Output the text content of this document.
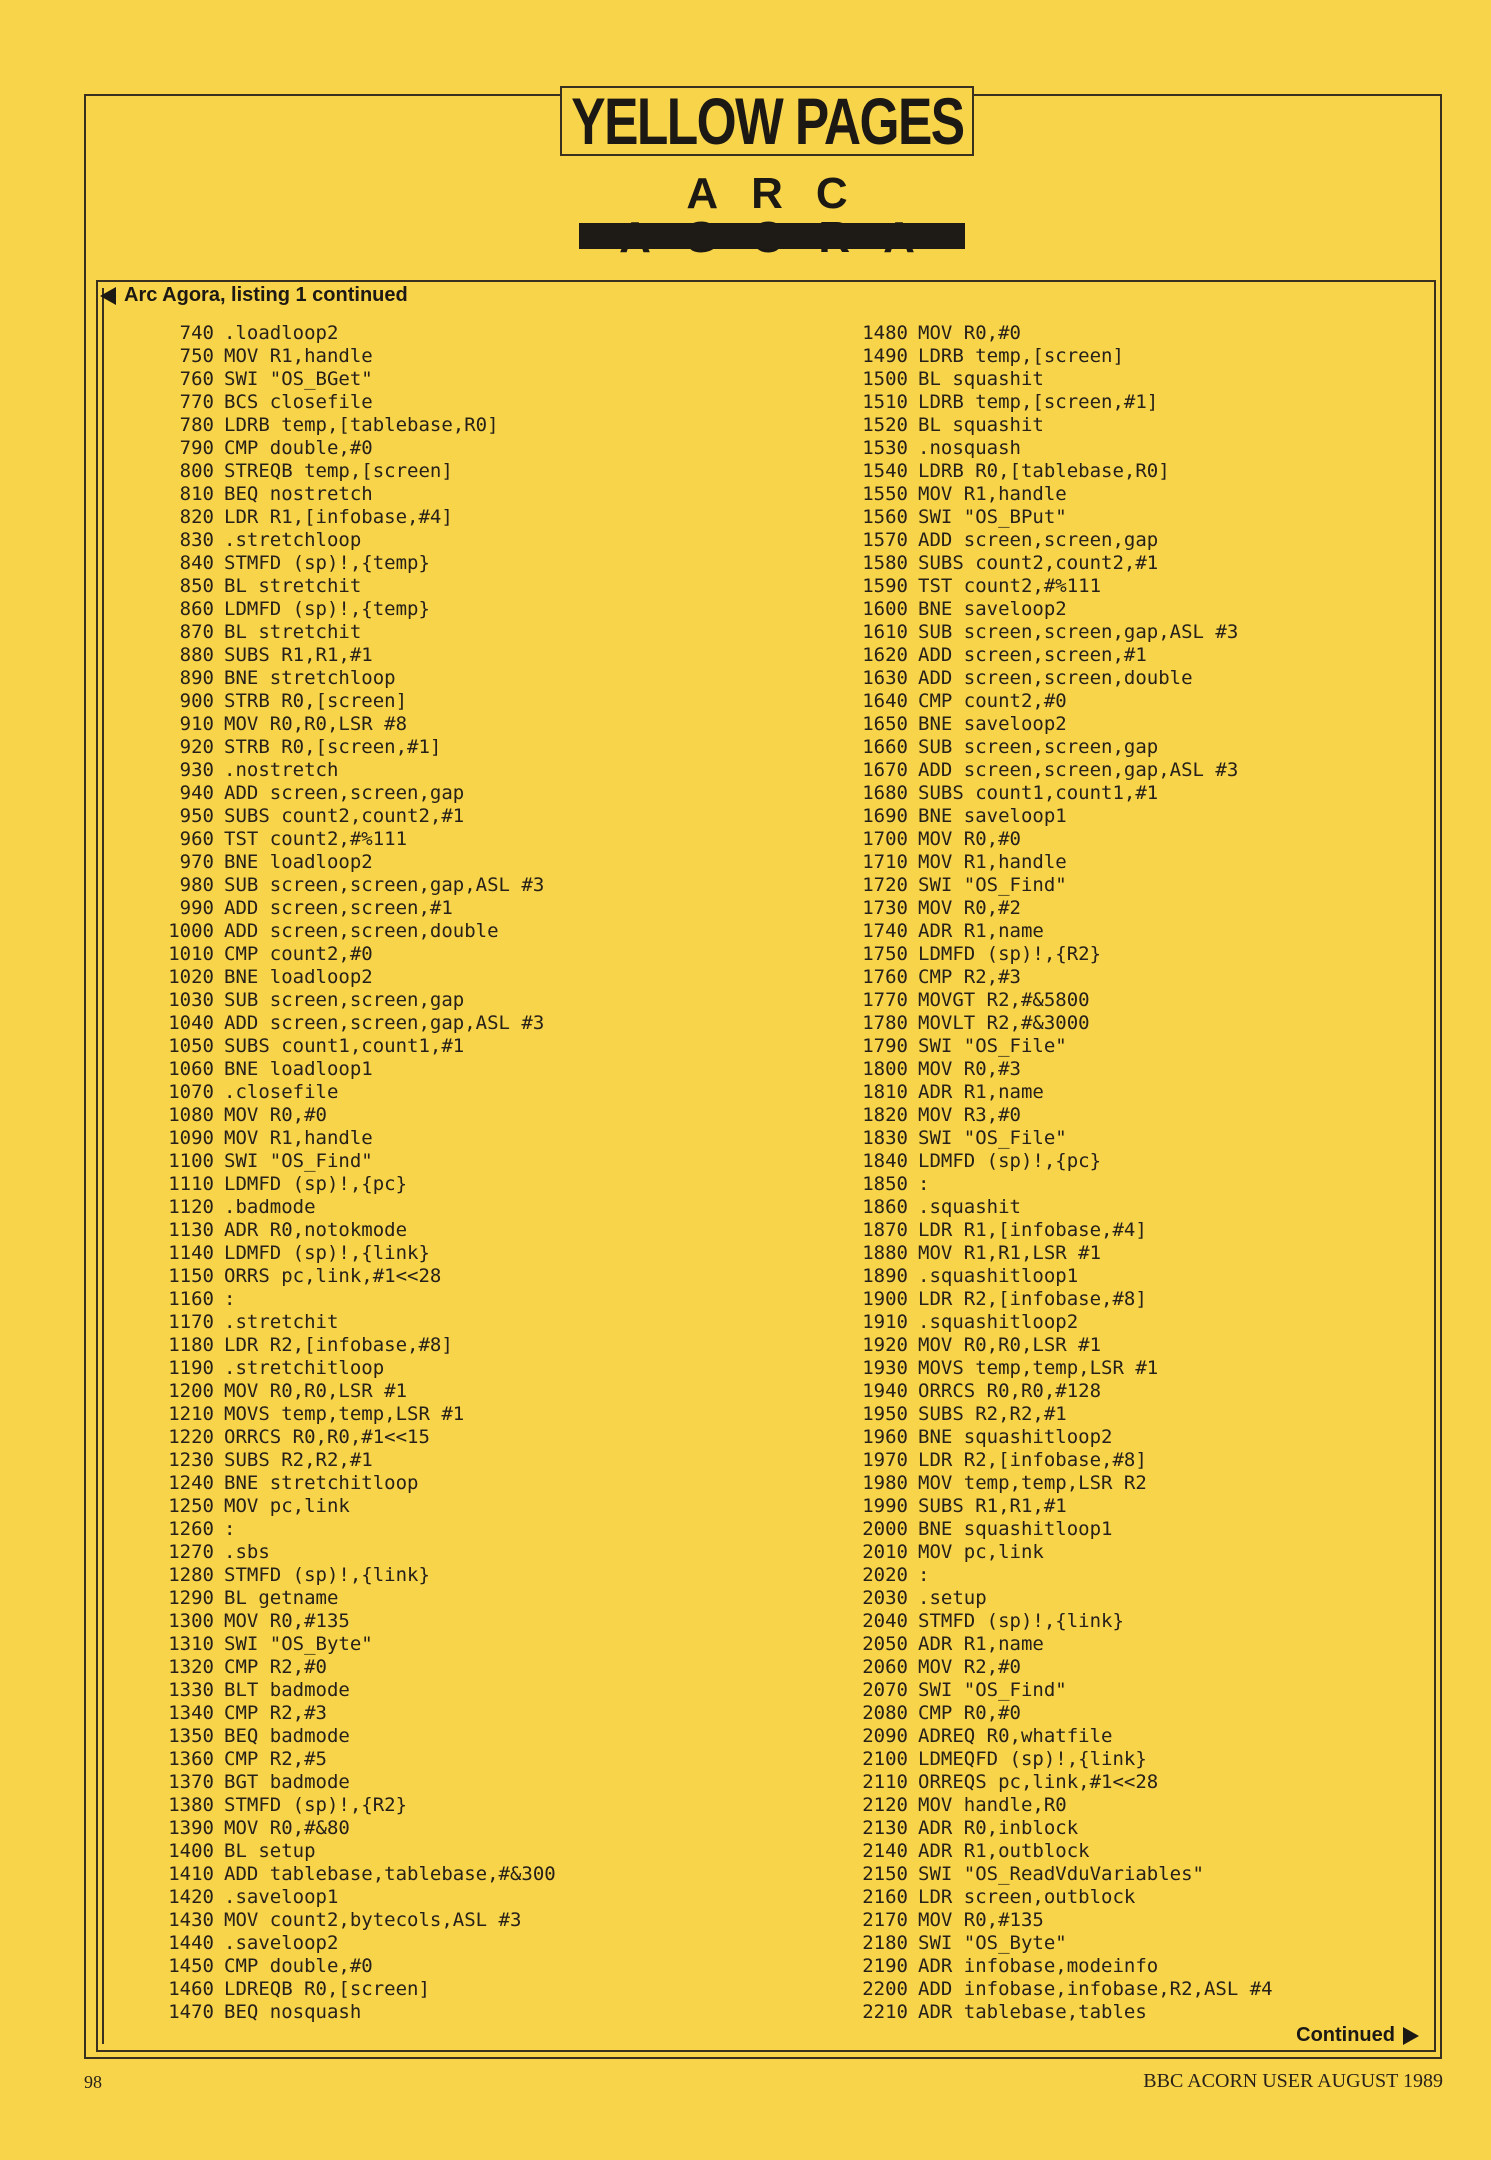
YELLOW PAGES
ARC
Arc Agora, listing 1 continued
740 .loadloop2
750 MOV R1,handle
760 SWI "OS_BGet"
770 BCS closefile
780 LDRB temp,[tablebase,R0]
790 CMP double,#0
800 STREQB temp,[screen]
810 BEQ nostretch
820 LDR R1,[infobase,#4]
830 .stretchloop
840 STMFD (sp)!,{temp}
850 BL stretchit
860 LDMFD (sp)!,{temp}
870 BL stretchit
880 SUBS R1,R1,#1
890 BNE stretchloop
900 STRB R0,[screen]
910 MOV R0,R0,LSR #8
920 STRB R0,[screen,#1]
930 .nostretch
940 ADD screen,screen,gap
950 SUBS count2,count2,#1
960 TST count2,#%111
970 BNE loadloop2
980 SUB screen,screen,gap,ASL #3
990 ADD screen,screen,#1
1000 ADD screen,screen,double
1010 CMP count2,#0
1020 BNE loadloop2
1030 SUB screen,screen,gap
1040 ADD screen,screen,gap,ASL #3
1050 SUBS count1,count1,#1
1060 BNE loadloop1
1070 .closefile
1080 MOV R0,#0
1090 MOV R1,handle
1100 SWI "OS_Find"
1110 LDMFD (sp)!,{pc}
1120 .badmode
1130 ADR R0,notokmode
1140 LDMFD (sp)!,{link}
1150 ORRS pc,link,#1<<28
1160 :
1170 .stretchit
1180 LDR R2,[infobase,#8]
1190 .stretchitloop
1200 MOV R0,R0,LSR #1
1210 MOVS temp,temp,LSR #1
1220 ORRCS R0,R0,#1<<15
1230 SUBS R2,R2,#1
1240 BNE stretchitloop
1250 MOV pc,link
1260 :
1270 .sbs
1280 STMFD (sp)!,{link}
1290 BL getname
1300 MOV R0,#135
1310 SWI "OS_Byte"
1320 CMP R2,#0
1330 BLT badmode
1340 CMP R2,#3
1350 BEQ badmode
1360 CMP R2,#5
1370 BGT badmode
1380 STMFD (sp)!,{R2}
1390 MOV R0,#&80
1400 BL setup
1410 ADD tablebase,tablebase,#&300
1420 .saveloop1
1430 MOV count2,bytecols,ASL #3
1440 .saveloop2
1450 CMP double,#0
1460 LDREQB R0,[screen]
1470 BEQ nosquash
1480 MOV R0,#0
1490 LDRB temp,[screen]
1500 BL squashit
1510 LDRB temp,[screen,#1]
1520 BL squashit
1530 .nosquash
1540 LDRB R0,[tablebase,R0]
1550 MOV R1,handle
1560 SWI "OS_BPut"
1570 ADD screen,screen,gap
1580 SUBS count2,count2,#1
1590 TST count2,#%111
1600 BNE saveloop2
1610 SUB screen,screen,gap,ASL #3
1620 ADD screen,screen,#1
1630 ADD screen,screen,double
1640 CMP count2,#0
1650 BNE saveloop2
1660 SUB screen,screen,gap
1670 ADD screen,screen,gap,ASL #3
1680 SUBS count1,count1,#1
1690 BNE saveloop1
1700 MOV R0,#0
1710 MOV R1,handle
1720 SWI "OS_Find"
1730 MOV R0,#2
1740 ADR R1,name
1750 LDMFD (sp)!,{R2}
1760 CMP R2,#3
1770 MOVGT R2,#&5800
1780 MOVLT R2,#&3000
1790 SWI "OS_File"
1800 MOV R0,#3
1810 ADR R1,name
1820 MOV R3,#0
1830 SWI "OS_File"
1840 LDMFD (sp)!,{pc}
1850 :
1860 .squashit
1870 LDR R1,[infobase,#4]
1880 MOV R1,R1,LSR #1
1890 .squashitloop1
1900 LDR R2,[infobase,#8]
1910 .squashitloop2
1920 MOV R0,R0,LSR #1
1930 MOVS temp,temp,LSR #1
1940 ORRCS R0,R0,#128
1950 SUBS R2,R2,#1
1960 BNE squashitloop2
1970 LDR R2,[infobase,#8]
1980 MOV temp,temp,LSR R2
1990 SUBS R1,R1,#1
2000 BNE squashitloop1
2010 MOV pc,link
2020 :
2030 .setup
2040 STMFD (sp)!,{link}
2050 ADR R1,name
2060 MOV R2,#0
2070 SWI "OS_Find"
2080 CMP R0,#0
2090 ADREQ R0,whatfile
2100 LDMEQFD (sp)!,{link}
2110 ORREQS pc,link,#1<<28
2120 MOV handle,R0
2130 ADR R0,inblock
2140 ADR R1,outblock
2150 SWI "OS_ReadVduVariables"
2160 LDR screen,outblock
2170 MOV R0,#135
2180 SWI "OS_Byte"
2190 ADR infobase,modeinfo
2200 ADD infobase,infobase,R2,ASL #4
2210 ADR tablebase,tables
Continued
98	BBC ACORN USER AUGUST 1989
